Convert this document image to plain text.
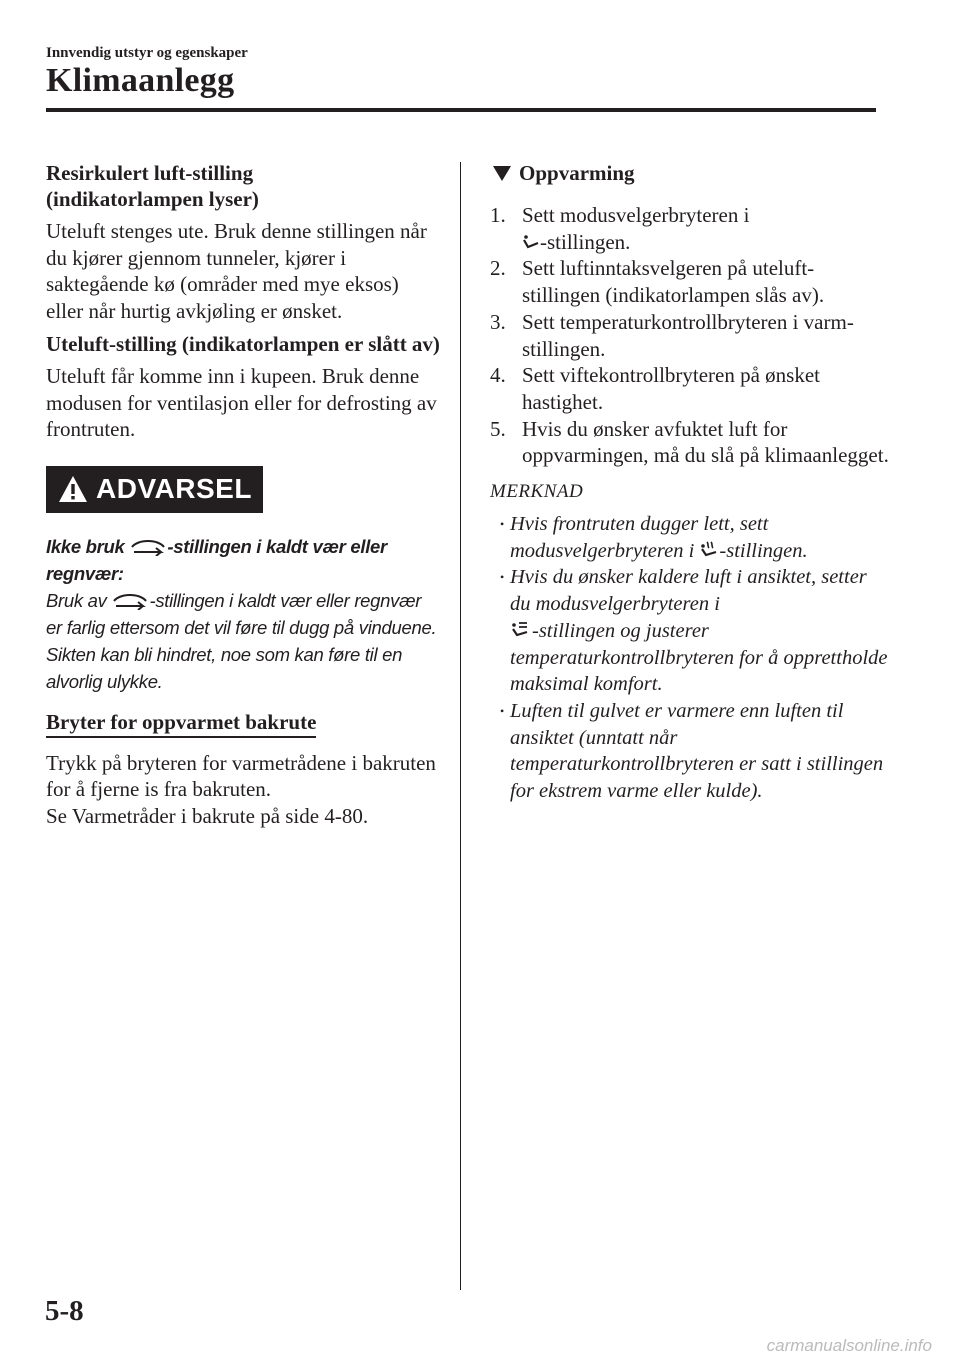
Innvendig utstyr og egenskaper
Klimaanlegg
Resirkulert luft-stilling
(indikatorlampen lyser)

Uteluft stenges ute. Bruk denne stillingen når du kjører gjennom tunneler, kjører i saktegående kø (områder med mye eksos) eller når hurtig avkjøling er ønsket.

Uteluft-stilling (indikatorlampen er slått av)

Uteluft får komme inn i kupeen. Bruk denne modusen for ventilasjon eller for defrosting av frontruten.

ADVARSEL
Ikke bruk -stillingen i kaldt vær eller regnvær:
Bruk av -stillingen i kaldt vær eller regnvær er farlig ettersom det vil føre til dugg på vinduene. Sikten kan bli hindret, noe som kan føre til en alvorlig ulykke.
Bryter for oppvarmet bakrute

Trykk på bryteren for varmetrådene i bakruten for å fjerne is fra bakruten.
Se Varmetråder i bakrute på side 4-80.

Oppvarming
1. Sett modusvelgerbryteren i
-stillingen.
2. Sett luftinntaksvelgeren på uteluft-stillingen (indikatorlampen slås av).
3. Sett temperaturkontrollbryteren i varm-stillingen.
4. Sett viftekontrollbryteren på ønsket hastighet.
5. Hvis du ønsker avfuktet luft for oppvarmingen, må du slå på klimaanlegget.
MERKNAD
• Hvis frontruten dugger lett, sett modusvelgerbryteren i -stillingen.
• Hvis du ønsker kaldere luft i ansiktet, setter du modusvelgerbryteren i
-stillingen og justerer temperaturkontrollbryteren for å opprettholde maksimal komfort.
• Luften til gulvet er varmere enn luften til ansiktet (unntatt når temperaturkontrollbryteren er satt i stillingen for ekstrem varme eller kulde).
5-8
carmanualsonline.info
